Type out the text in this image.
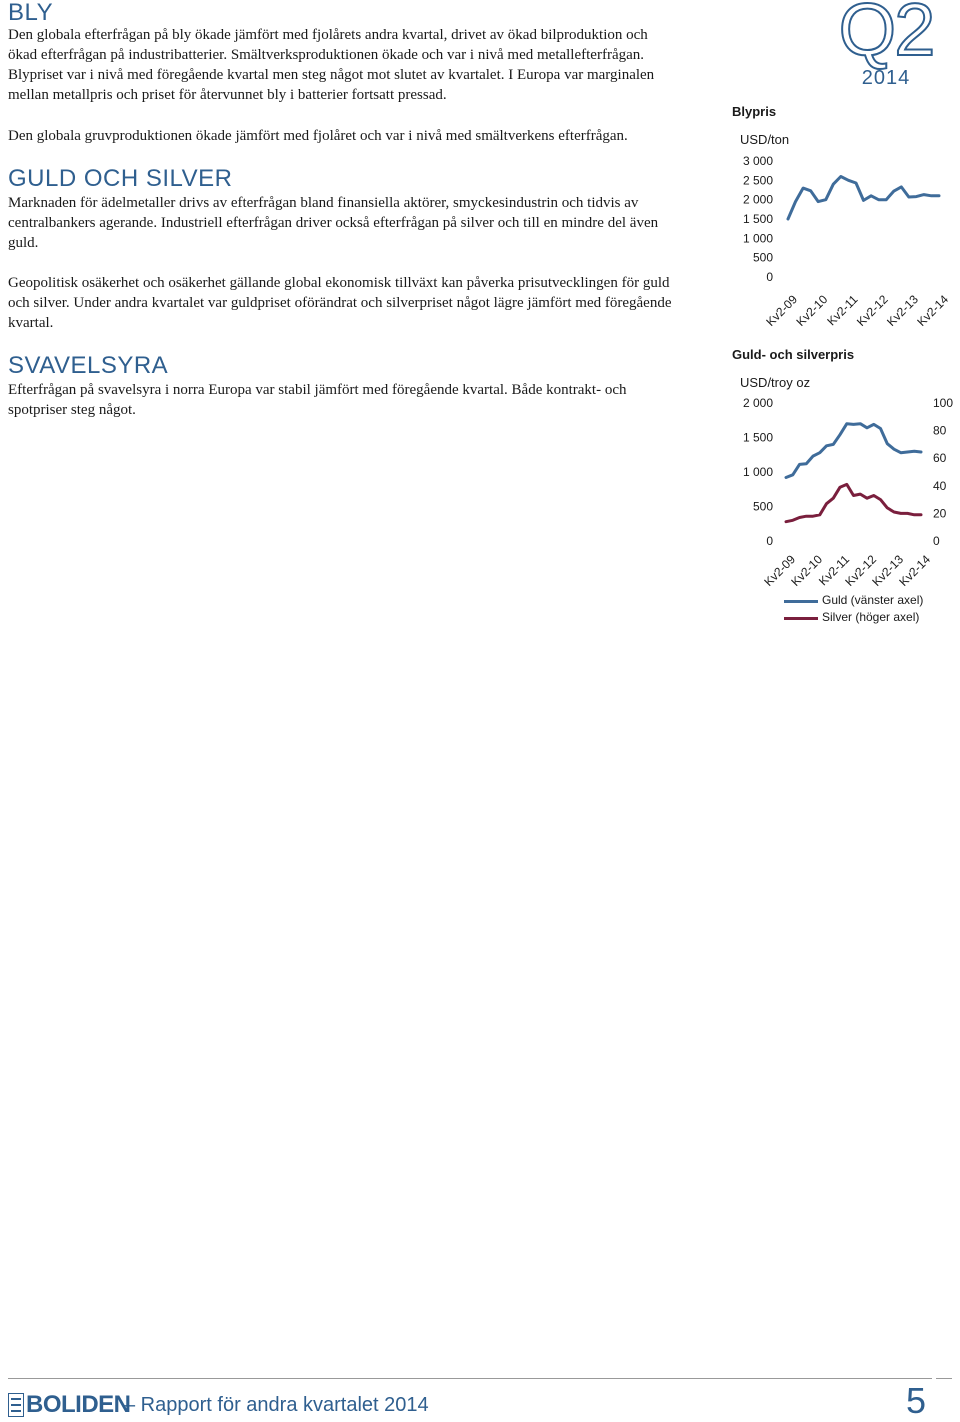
BLY

Den globala efterfrågan på bly ökade jämfört med fjolårets andra kvartal, drivet av ökad bilproduktion och ökad efterfrågan på industribatterier. Smältverksproduktionen ökade och var i nivå med metallefterfrågan. Blypriset var i nivå med föregående kvartal men steg något mot slutet av kvartalet. I Europa var marginalen mellan metallpris och priset för återvunnet bly i batterier fortsatt pressad.

Den globala gruvproduktionen ökade jämfört med fjolåret och var i nivå med smältverkens efterfrågan.

GULD OCH SILVER

Marknaden för ädelmetaller drivs av efterfrågan bland finansiella aktörer, smyckesindustrin och tidvis av centralbankers agerande. Industriell efterfrågan driver också efterfrågan på silver och till en mindre del även guld.

Geopolitisk osäkerhet och osäkerhet gällande global ekonomisk tillväxt kan påverka prisutvecklingen för guld och silver. Under andra kvartalet var guldpriset oförändrat och silverpriset något lägre jämfört med föregående kvartal.

SVAVELSYRA

Efterfrågan på svavelsyra i norra Europa var stabil jämfört med föregående kvartal. Både kontrakt- och spotpriser steg något.

Q2
2014
Blypris
USD/ton
3 000
2 500
2 000
1 500
1 000
500
0
Kv2-09
Kv2-10
Kv2-11
Kv2-12
Kv2-13
Kv2-14
Guld- och silverpris
USD/troy oz
2 000
1 500
1 000
500
0
100
80
60
40
20
0
Kv2-09
Kv2-10
Kv2-11
Kv2-12
Kv2-13
Kv2-14
Guld (vänster axel)
Silver (höger axel)
BOLIDEN
– Rapport för andra kvartalet 2014	5
